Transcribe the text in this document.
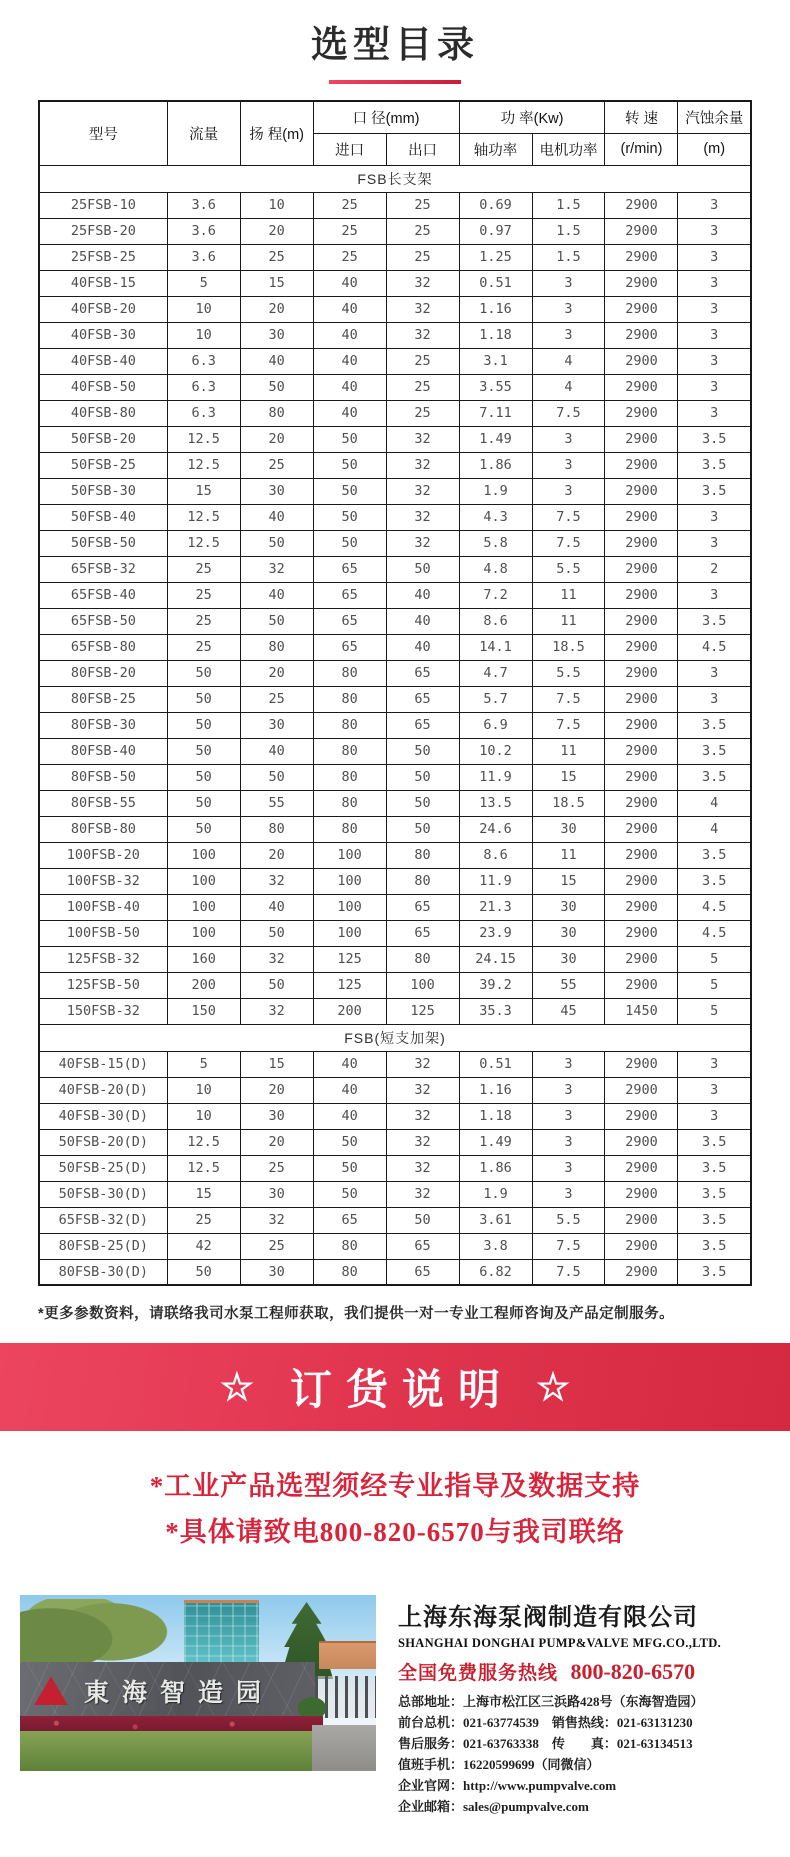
选型目录
型号	流量	扬 程(m)	口 径(mm)		功 率(Kw)		转 速	汽蚀余量
			进口	出口	轴功率	电机功率	(r/min)	(m)
FSB长支架								
25FSB-10	3.6	10	25	25	0.69	1.5	2900	3
25FSB-20	3.6	20	25	25	0.97	1.5	2900	3
25FSB-25	3.6	25	25	25	1.25	1.5	2900	3
40FSB-15	5	15	40	32	0.51	3	2900	3
40FSB-20	10	20	40	32	1.16	3	2900	3
40FSB-30	10	30	40	32	1.18	3	2900	3
40FSB-40	6.3	40	40	25	3.1	4	2900	3
40FSB-50	6.3	50	40	25	3.55	4	2900	3
40FSB-80	6.3	80	40	25	7.11	7.5	2900	3
50FSB-20	12.5	20	50	32	1.49	3	2900	3.5
50FSB-25	12.5	25	50	32	1.86	3	2900	3.5
50FSB-30	15	30	50	32	1.9	3	2900	3.5
50FSB-40	12.5	40	50	32	4.3	7.5	2900	3
50FSB-50	12.5	50	50	32	5.8	7.5	2900	3
65FSB-32	25	32	65	50	4.8	5.5	2900	2
65FSB-40	25	40	65	40	7.2	11	2900	3
65FSB-50	25	50	65	40	8.6	11	2900	3.5
65FSB-80	25	80	65	40	14.1	18.5	2900	4.5
80FSB-20	50	20	80	65	4.7	5.5	2900	3
80FSB-25	50	25	80	65	5.7	7.5	2900	3
80FSB-30	50	30	80	65	6.9	7.5	2900	3.5
80FSB-40	50	40	80	50	10.2	11	2900	3.5
80FSB-50	50	50	80	50	11.9	15	2900	3.5
80FSB-55	50	55	80	50	13.5	18.5	2900	4
80FSB-80	50	80	80	50	24.6	30	2900	4
100FSB-20	100	20	100	80	8.6	11	2900	3.5
100FSB-32	100	32	100	80	11.9	15	2900	3.5
100FSB-40	100	40	100	65	21.3	30	2900	4.5
100FSB-50	100	50	100	65	23.9	30	2900	4.5
125FSB-32	160	32	125	80	24.15	30	2900	5
125FSB-50	200	50	125	100	39.2	55	2900	5
150FSB-32	150	32	200	125	35.3	45	1450	5
FSB(短支加架)								
40FSB-15(D)	5	15	40	32	0.51	3	2900	3
40FSB-20(D)	10	20	40	32	1.16	3	2900	3
40FSB-30(D)	10	30	40	32	1.18	3	2900	3
50FSB-20(D)	12.5	20	50	32	1.49	3	2900	3.5
50FSB-25(D)	12.5	25	50	32	1.86	3	2900	3.5
50FSB-30(D)	15	30	50	32	1.9	3	2900	3.5
65FSB-32(D)	25	32	65	50	3.61	5.5	2900	3.5
80FSB-25(D)	42	25	80	65	3.8	7.5	2900	3.5
80FSB-30(D)	50	30	80	65	6.82	7.5	2900	3.5
*更多参数资料，请联络我司水泵工程师获取，我们提供一对一专业工程师咨询及产品定制服务。
☆ 订货说明 ☆
*工业产品选型须经专业指导及数据支持
*具体请致电800-820-6570与我司联络
東海智造园
上海东海泵阀制造有限公司
SHANGHAI DONGHAI PUMP&VALVE MFG.CO.,LTD.
全国免费服务热线 800-820-6570
总部地址：上海市松江区三浜路428号（东海智造园）
前台总机：021-63774539　销售热线：021-63131230
售后服务：021-63763338　传　　真：021-63134513
值班手机：16220599699（同微信）
企业官网：http://www.pumpvalve.com
企业邮箱：sales@pumpvalve.com
